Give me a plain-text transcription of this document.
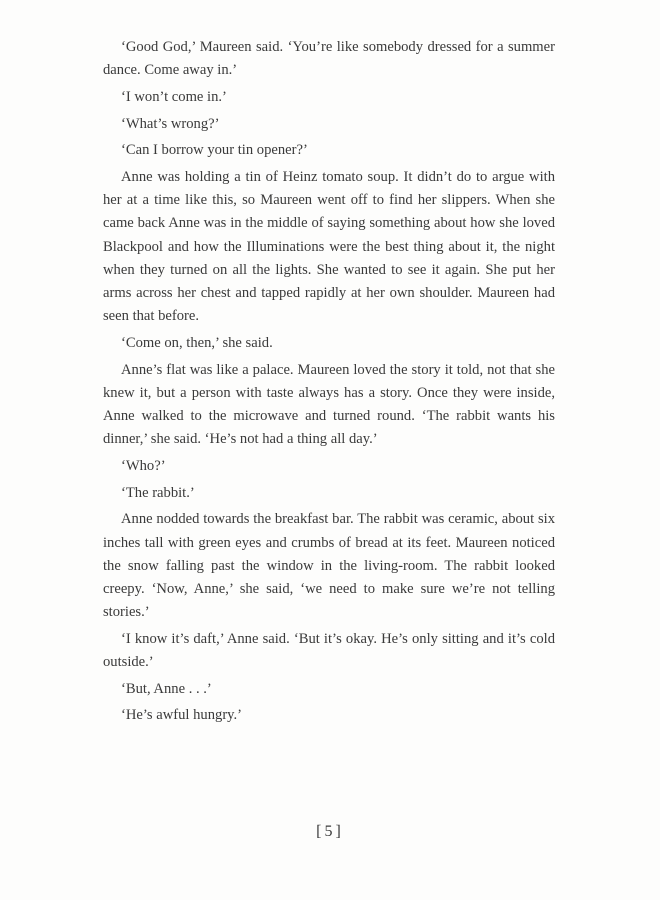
‘Good God,’ Maureen said. ‘You’re like somebody dressed for a summer dance. Come away in.’

‘I won’t come in.’

‘What’s wrong?’

‘Can I borrow your tin opener?’

Anne was holding a tin of Heinz tomato soup. It didn’t do to argue with her at a time like this, so Maureen went off to find her slippers. When she came back Anne was in the middle of saying something about how she loved Blackpool and how the Illuminations were the best thing about it, the night when they turned on all the lights. She wanted to see it again. She put her arms across her chest and tapped rapidly at her own shoulder. Maureen had seen that before.

‘Come on, then,’ she said.

Anne’s flat was like a palace. Maureen loved the story it told, not that she knew it, but a person with taste always has a story. Once they were inside, Anne walked to the microwave and turned round. ‘The rabbit wants his dinner,’ she said. ‘He’s not had a thing all day.’

‘Who?’

‘The rabbit.’

Anne nodded towards the breakfast bar. The rabbit was ceramic, about six inches tall with green eyes and crumbs of bread at its feet. Maureen noticed the snow falling past the window in the living-room. The rabbit looked creepy. ‘Now, Anne,’ she said, ‘we need to make sure we’re not telling stories.’

‘I know it’s daft,’ Anne said. ‘But it’s okay. He’s only sitting and it’s cold outside.’

‘But, Anne . . .’

‘He’s awful hungry.’

[5]
